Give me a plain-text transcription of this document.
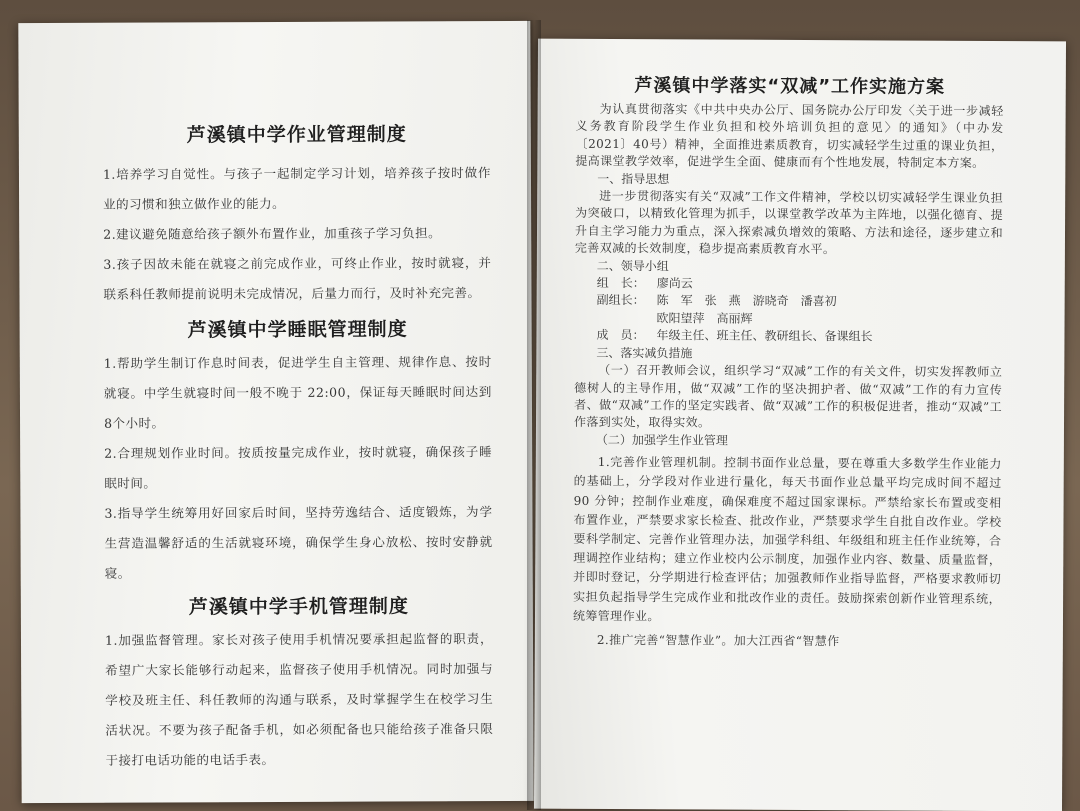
芦溪镇中学作业管理制度

1.培养学习自觉性。与孩子一起制定学习计划，培养孩子按时做作业的习惯和独立做作业的能力。

2.建议避免随意给孩子额外布置作业，加重孩子学习负担。

3.孩子因故未能在就寝之前完成作业，可终止作业，按时就寝，并联系科任教师提前说明未完成情况，后量力而行，及时补充完善。

芦溪镇中学睡眠管理制度

1.帮助学生制订作息时间表，促进学生自主管理、规律作息、按时就寝。中学生就寝时间一般不晚于 22:00，保证每天睡眠时间达到8个小时。

2.合理规划作业时间。按质按量完成作业，按时就寝，确保孩子睡眠时间。

3.指导学生统筹用好回家后时间，坚持劳逸结合、适度锻炼，为学生营造温馨舒适的生活就寝环境，确保学生身心放松、按时安静就寝。

芦溪镇中学手机管理制度

1.加强监督管理。家长对孩子使用手机情况要承担起监督的职责，希望广大家长能够行动起来，监督孩子使用手机情况。同时加强与学校及班主任、科任教师的沟通与联系，及时掌握学生在校学习生活状况。不要为孩子配备手机，如必须配备也只能给孩子准备只限于接打电话功能的电话手表。

芦溪镇中学落实“双减”工作实施方案

为认真贯彻落实《中共中央办公厅、国务院办公厅印发〈关于进一步减轻义务教育阶段学生作业负担和校外培训负担的意见〉的通知》（中办发〔2021〕40号）精神，全面推进素质教育，切实减轻学生过重的课业负担，提高课堂教学效率，促进学生全面、健康而有个性地发展，特制定本方案。

一、指导思想

进一步贯彻落实有关“双减”工作文件精神，学校以切实减轻学生课业负担为突破口，以精致化管理为抓手，以课堂教学改革为主阵地，以强化德育、提升自主学习能力为重点，深入探索减负增效的策略、方法和途径，逐步建立和完善双减的长效制度，稳步提高素质教育水平。

二、领导小组

组　长： 廖尚云
副组长： 陈　军　张　燕　游晓奇　潘喜初
欧阳望萍　高丽辉
成　员： 年级主任、班主任、教研组长、备课组长

三、落实减负措施

（一）召开教师会议，组织学习“双减”工作的有关文件，切实发挥教师立德树人的主导作用，做“双减”工作的坚决拥护者、做“双减”工作的有力宣传者、做“双减”工作的坚定实践者、做“双减”工作的积极促进者，推动“双减”工作落到实处，取得实效。

（二）加强学生作业管理

1.完善作业管理机制。控制书面作业总量，要在尊重大多数学生作业能力的基础上，分学段对作业进行量化，每天书面作业总量平均完成时间不超过 90 分钟；控制作业难度，确保难度不超过国家课标。严禁给家长布置或变相布置作业，严禁要求家长检查、批改作业，严禁要求学生自批自改作业。学校要科学制定、完善作业管理办法，加强学科组、年级组和班主任作业统筹，合理调控作业结构；建立作业校内公示制度，加强作业内容、数量、质量监督，并即时登记，分学期进行检查评估；加强教师作业指导监督，严格要求教师切实担负起指导学生完成作业和批改作业的责任。鼓励探索创新作业管理系统，统筹管理作业。

2.推广完善“智慧作业”。加大江西省“智慧作
